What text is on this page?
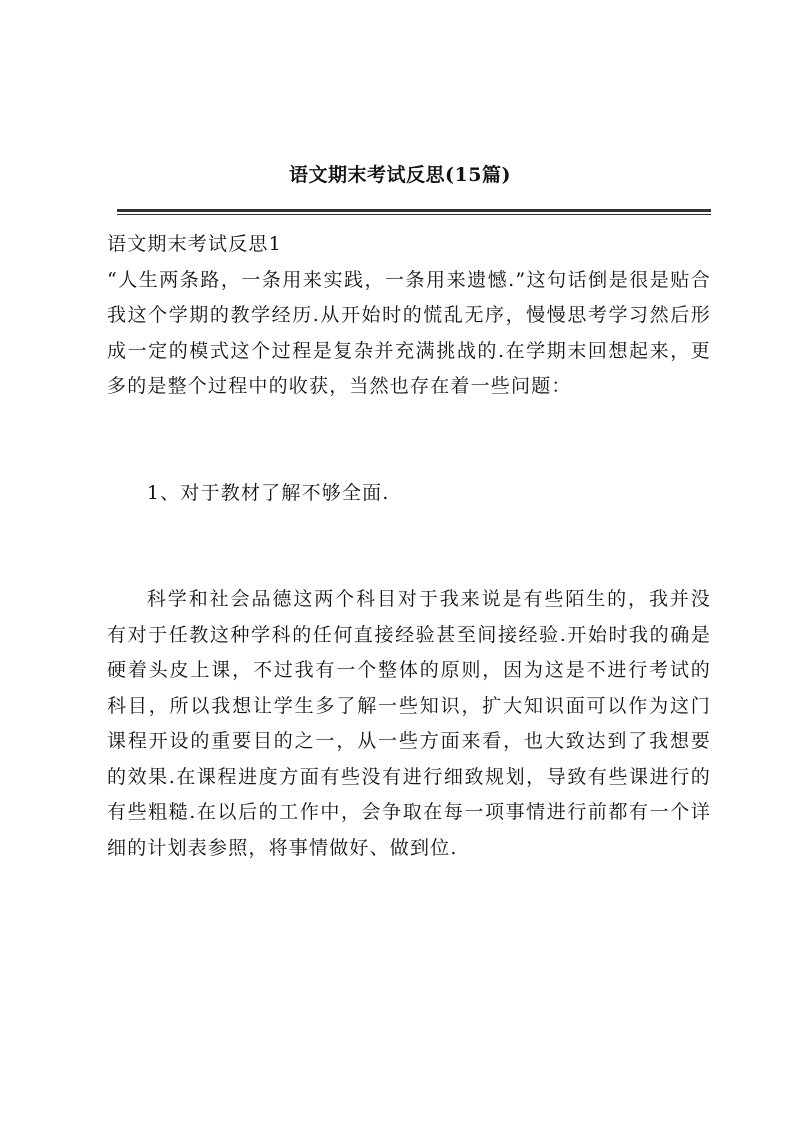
语文期末考试反思(15篇)

语文期末考试反思1

“人生两条路，一条用来实践，一条用来遗憾.”这句话倒是很是贴合我这个学期的教学经历.从开始时的慌乱无序，慢慢思考学习然后形成一定的模式这个过程是复杂并充满挑战的.在学期末回想起来，更多的是整个过程中的收获，当然也存在着一些问题：

1、对于教材了解不够全面.

科学和社会品德这两个科目对于我来说是有些陌生的，我并没有对于任教这种学科的任何直接经验甚至间接经验.开始时我的确是硬着头皮上课，不过我有一个整体的原则，因为这是不进行考试的科目，所以我想让学生多了解一些知识，扩大知识面可以作为这门课程开设的重要目的之一，从一些方面来看，也大致达到了我想要的效果.在课程进度方面有些没有进行细致规划，导致有些课进行的有些粗糙.在以后的工作中，会争取在每一项事情进行前都有一个详细的计划表参照，将事情做好、做到位.
